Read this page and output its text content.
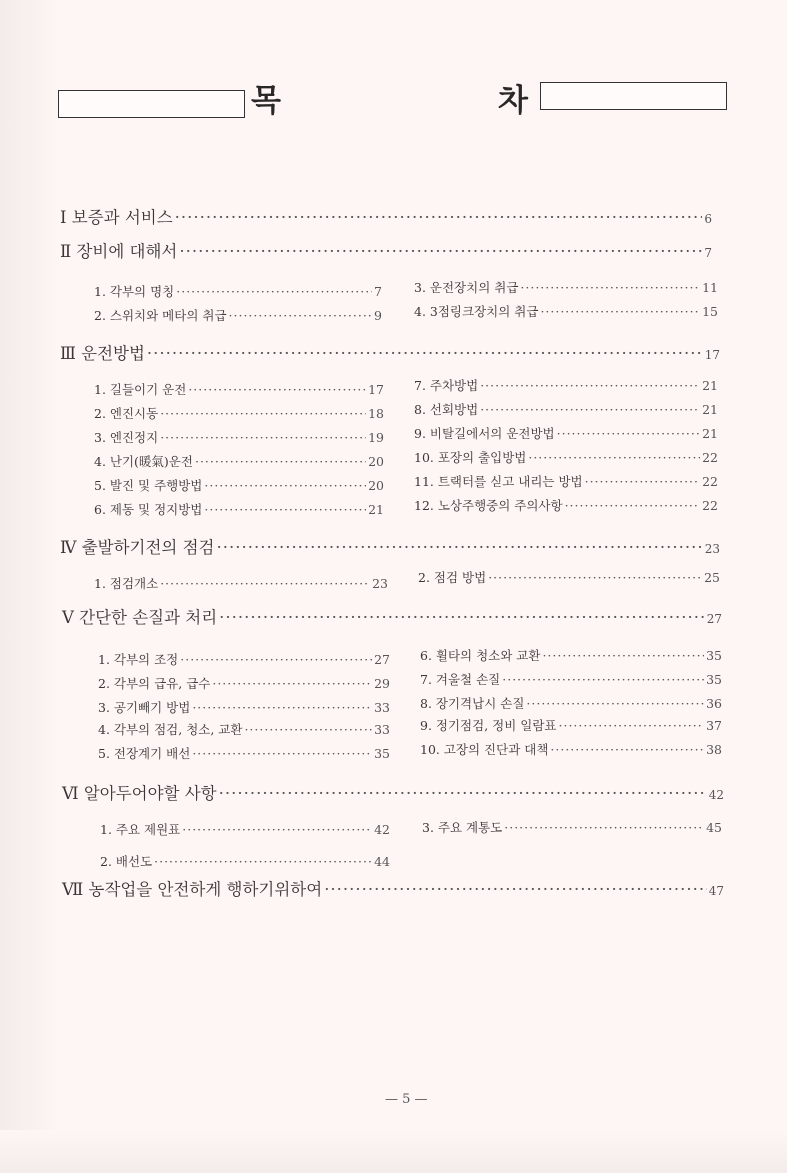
목	차
Ⅰ 보증과 서비스 ·····	6
Ⅱ 장비에 대해서 ·····	7
1. 각부의 명칭 ·····	7
2. 스위치와 메타의 취급 ·····	9
3. 운전장치의 취급 ·····	11
4. 3점링크장치의 취급 ·····	15
Ⅲ 운전방법 ·····	17
1. 길들이기 운전 ·····	17
2. 엔진시동 ·····	18
3. 엔진정지 ·····	19
4. 난기(暖氣)운전 ·····	20
5. 발진 및 주행방법 ·····	20
6. 제동 및 정지방법 ·····	21
7. 주차방법 ·····	21
8. 선회방법 ·····	21
9. 비탈길에서의 운전방법 ·····	21
10. 포장의 출입방법 ·····	22
11. 트랙터를 싣고 내리는 방법 ·····	22
12. 노상주행중의 주의사항 ·····	22
Ⅳ 출발하기전의 점검 ·····	23
1. 점검개소 ·····	23 2. 점검 방법 ·····	25
Ⅴ 간단한 손질과 처리 ·····	27
1. 각부의 조정 ·····	27
2. 각부의 급유, 급수 ·····	29
3. 공기빼기 방법 ·····	33
4. 각부의 점검, 청소, 교환 ·····	33
5. 전장계기 배선 ·····	35
6. 휠타의 청소와 교환 ·····	35
7. 겨울철 손질 ·····	35
8. 장기격납시 손질 ·····	36
9. 정기점검, 정비 일람표 ·····	37
10. 고장의 진단과 대책 ·····	38
Ⅵ 알아두어야할 사항 ·····	42
1. 주요 제원표 ·····	42	3. 주요 계통도 ·····	45
2. 배선도 ·····	44
Ⅶ 농작업을 안전하게 행하기위하여 ·····	47
— 5 —
